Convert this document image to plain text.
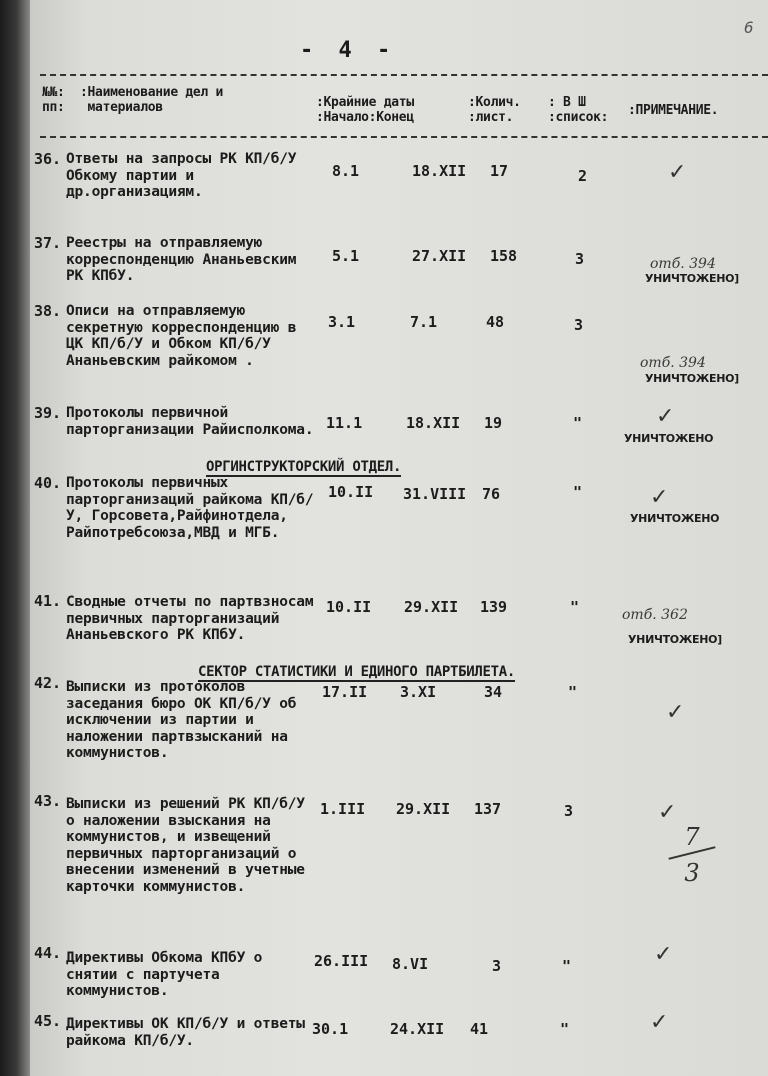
- 4 -
6
№№:
пп:
:Наименование дел и
материалов	:Крайние даты
:Начало:Конец
:Колич.
:лист.
: В Ш
:список: :ПРИМЕЧАНИЕ.
36. Ответы на запросы РК КП/б/У Обкому партии и др.организациям.
8.1	18.XII 17	2	✓
37. Реестры на отправляемую корреспонденцию Ананьевским РК КПбУ.
5.1	27.XII 158	3	отб. 394
УНИЧТОЖЕНО]
38. Описи на отправляемую секретную корреспонденцию в ЦК КП/б/У и Обком КП/б/У Ананьевским райкомом .
3.1	7.1	48	3
отб. 394
УНИЧТОЖЕНО]
39. Протоколы первичной парторганизации Райисполкома. 11.1	18.XII 19	"	✓
УНИЧТОЖЕНО
ОРГИНСТРУКТОРСКИЙ ОТДЕЛ.
40. Протоколы первичных парторганизаций райкома КП/б/У, Горсовета,Райфинотдела, Райпотребсоюза,МВД и МГБ.
10.II 31.VIII 76	"	✓
УНИЧТОЖЕНО
41. Сводные отчеты по партвзносам первичных парторганизаций Ананьевского РК КПбУ.
10.II 29.XII 139	"	отб. 362
УНИЧТОЖЕНО]
СЕКТОР СТАТИСТИКИ И ЕДИНОГО ПАРТБИЛЕТА.
42. Выписки из протоколов заседания бюро ОК КП/б/У об исключении из партии и наложении партвзысканий на коммунистов.
17.II 3.XI	34	"
✓
43. Выписки из решений РК КП/б/У о наложении взыскания на коммунистов, и извещений первичных парторганизаций о внесении изменений в учетные карточки коммунистов.
1.III 29.XII 137	3	✓
7
3
44. Директивы Обкома КПбУ о снятии с партучета коммунистов.
26.III 8.VI	3	"	✓
45. Директивы ОК КП/б/У и ответы райкома КП/б/У.
30.1	24.XII 41	"	✓
